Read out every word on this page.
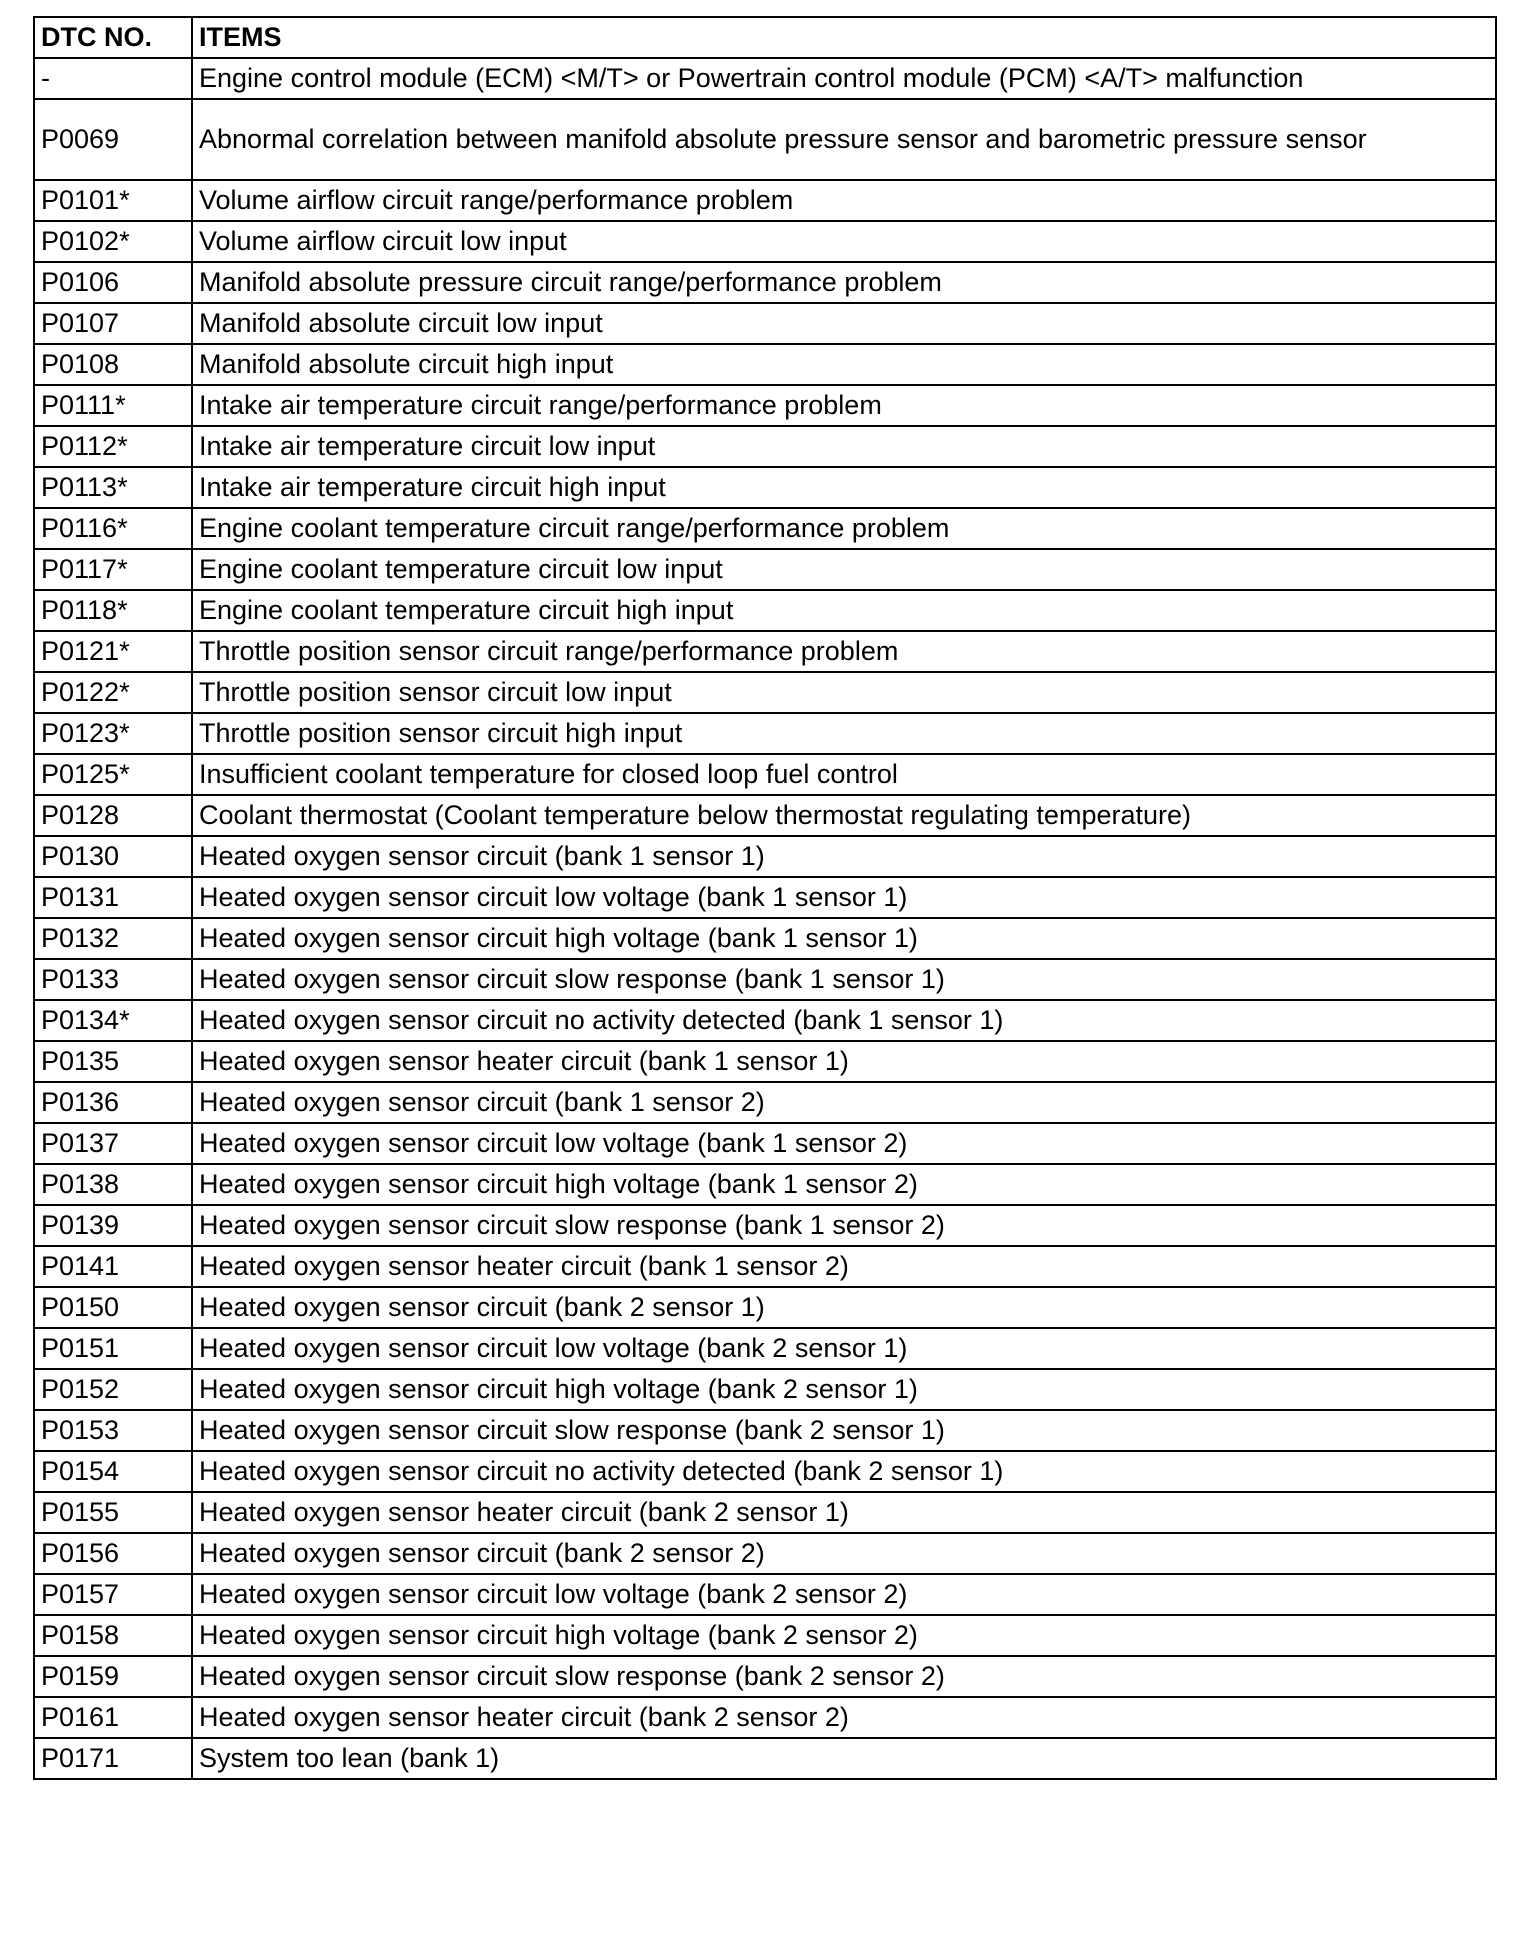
DTC NO.	ITEMS
-	Engine control module (ECM) <M/T> or Powertrain control module (PCM) <A/T> malfunction
P0069	Abnormal correlation between manifold absolute pressure sensor and barometric pressure sensor
P0101*	Volume airflow circuit range/performance problem
P0102*	Volume airflow circuit low input
P0106	Manifold absolute pressure circuit range/performance problem
P0107	Manifold absolute circuit low input
P0108	Manifold absolute circuit high input
P0111*	Intake air temperature circuit range/performance problem
P0112*	Intake air temperature circuit low input
P0113*	Intake air temperature circuit high input
P0116*	Engine coolant temperature circuit range/performance problem
P0117*	Engine coolant temperature circuit low input
P0118*	Engine coolant temperature circuit high input
P0121*	Throttle position sensor circuit range/performance problem
P0122*	Throttle position sensor circuit low input
P0123*	Throttle position sensor circuit high input
P0125*	Insufficient coolant temperature for closed loop fuel control
P0128	Coolant thermostat (Coolant temperature below thermostat regulating temperature)
P0130	Heated oxygen sensor circuit (bank 1 sensor 1)
P0131	Heated oxygen sensor circuit low voltage (bank 1 sensor 1)
P0132	Heated oxygen sensor circuit high voltage (bank 1 sensor 1)
P0133	Heated oxygen sensor circuit slow response (bank 1 sensor 1)
P0134*	Heated oxygen sensor circuit no activity detected (bank 1 sensor 1)
P0135	Heated oxygen sensor heater circuit (bank 1 sensor 1)
P0136	Heated oxygen sensor circuit (bank 1 sensor 2)
P0137	Heated oxygen sensor circuit low voltage (bank 1 sensor 2)
P0138	Heated oxygen sensor circuit high voltage (bank 1 sensor 2)
P0139	Heated oxygen sensor circuit slow response (bank 1 sensor 2)
P0141	Heated oxygen sensor heater circuit (bank 1 sensor 2)
P0150	Heated oxygen sensor circuit (bank 2 sensor 1)
P0151	Heated oxygen sensor circuit low voltage (bank 2 sensor 1)
P0152	Heated oxygen sensor circuit high voltage (bank 2 sensor 1)
P0153	Heated oxygen sensor circuit slow response (bank 2 sensor 1)
P0154	Heated oxygen sensor circuit no activity detected (bank 2 sensor 1)
P0155	Heated oxygen sensor heater circuit (bank 2 sensor 1)
P0156	Heated oxygen sensor circuit (bank 2 sensor 2)
P0157	Heated oxygen sensor circuit low voltage (bank 2 sensor 2)
P0158	Heated oxygen sensor circuit high voltage (bank 2 sensor 2)
P0159	Heated oxygen sensor circuit slow response (bank 2 sensor 2)
P0161	Heated oxygen sensor heater circuit (bank 2 sensor 2)
P0171	System too lean (bank 1)
